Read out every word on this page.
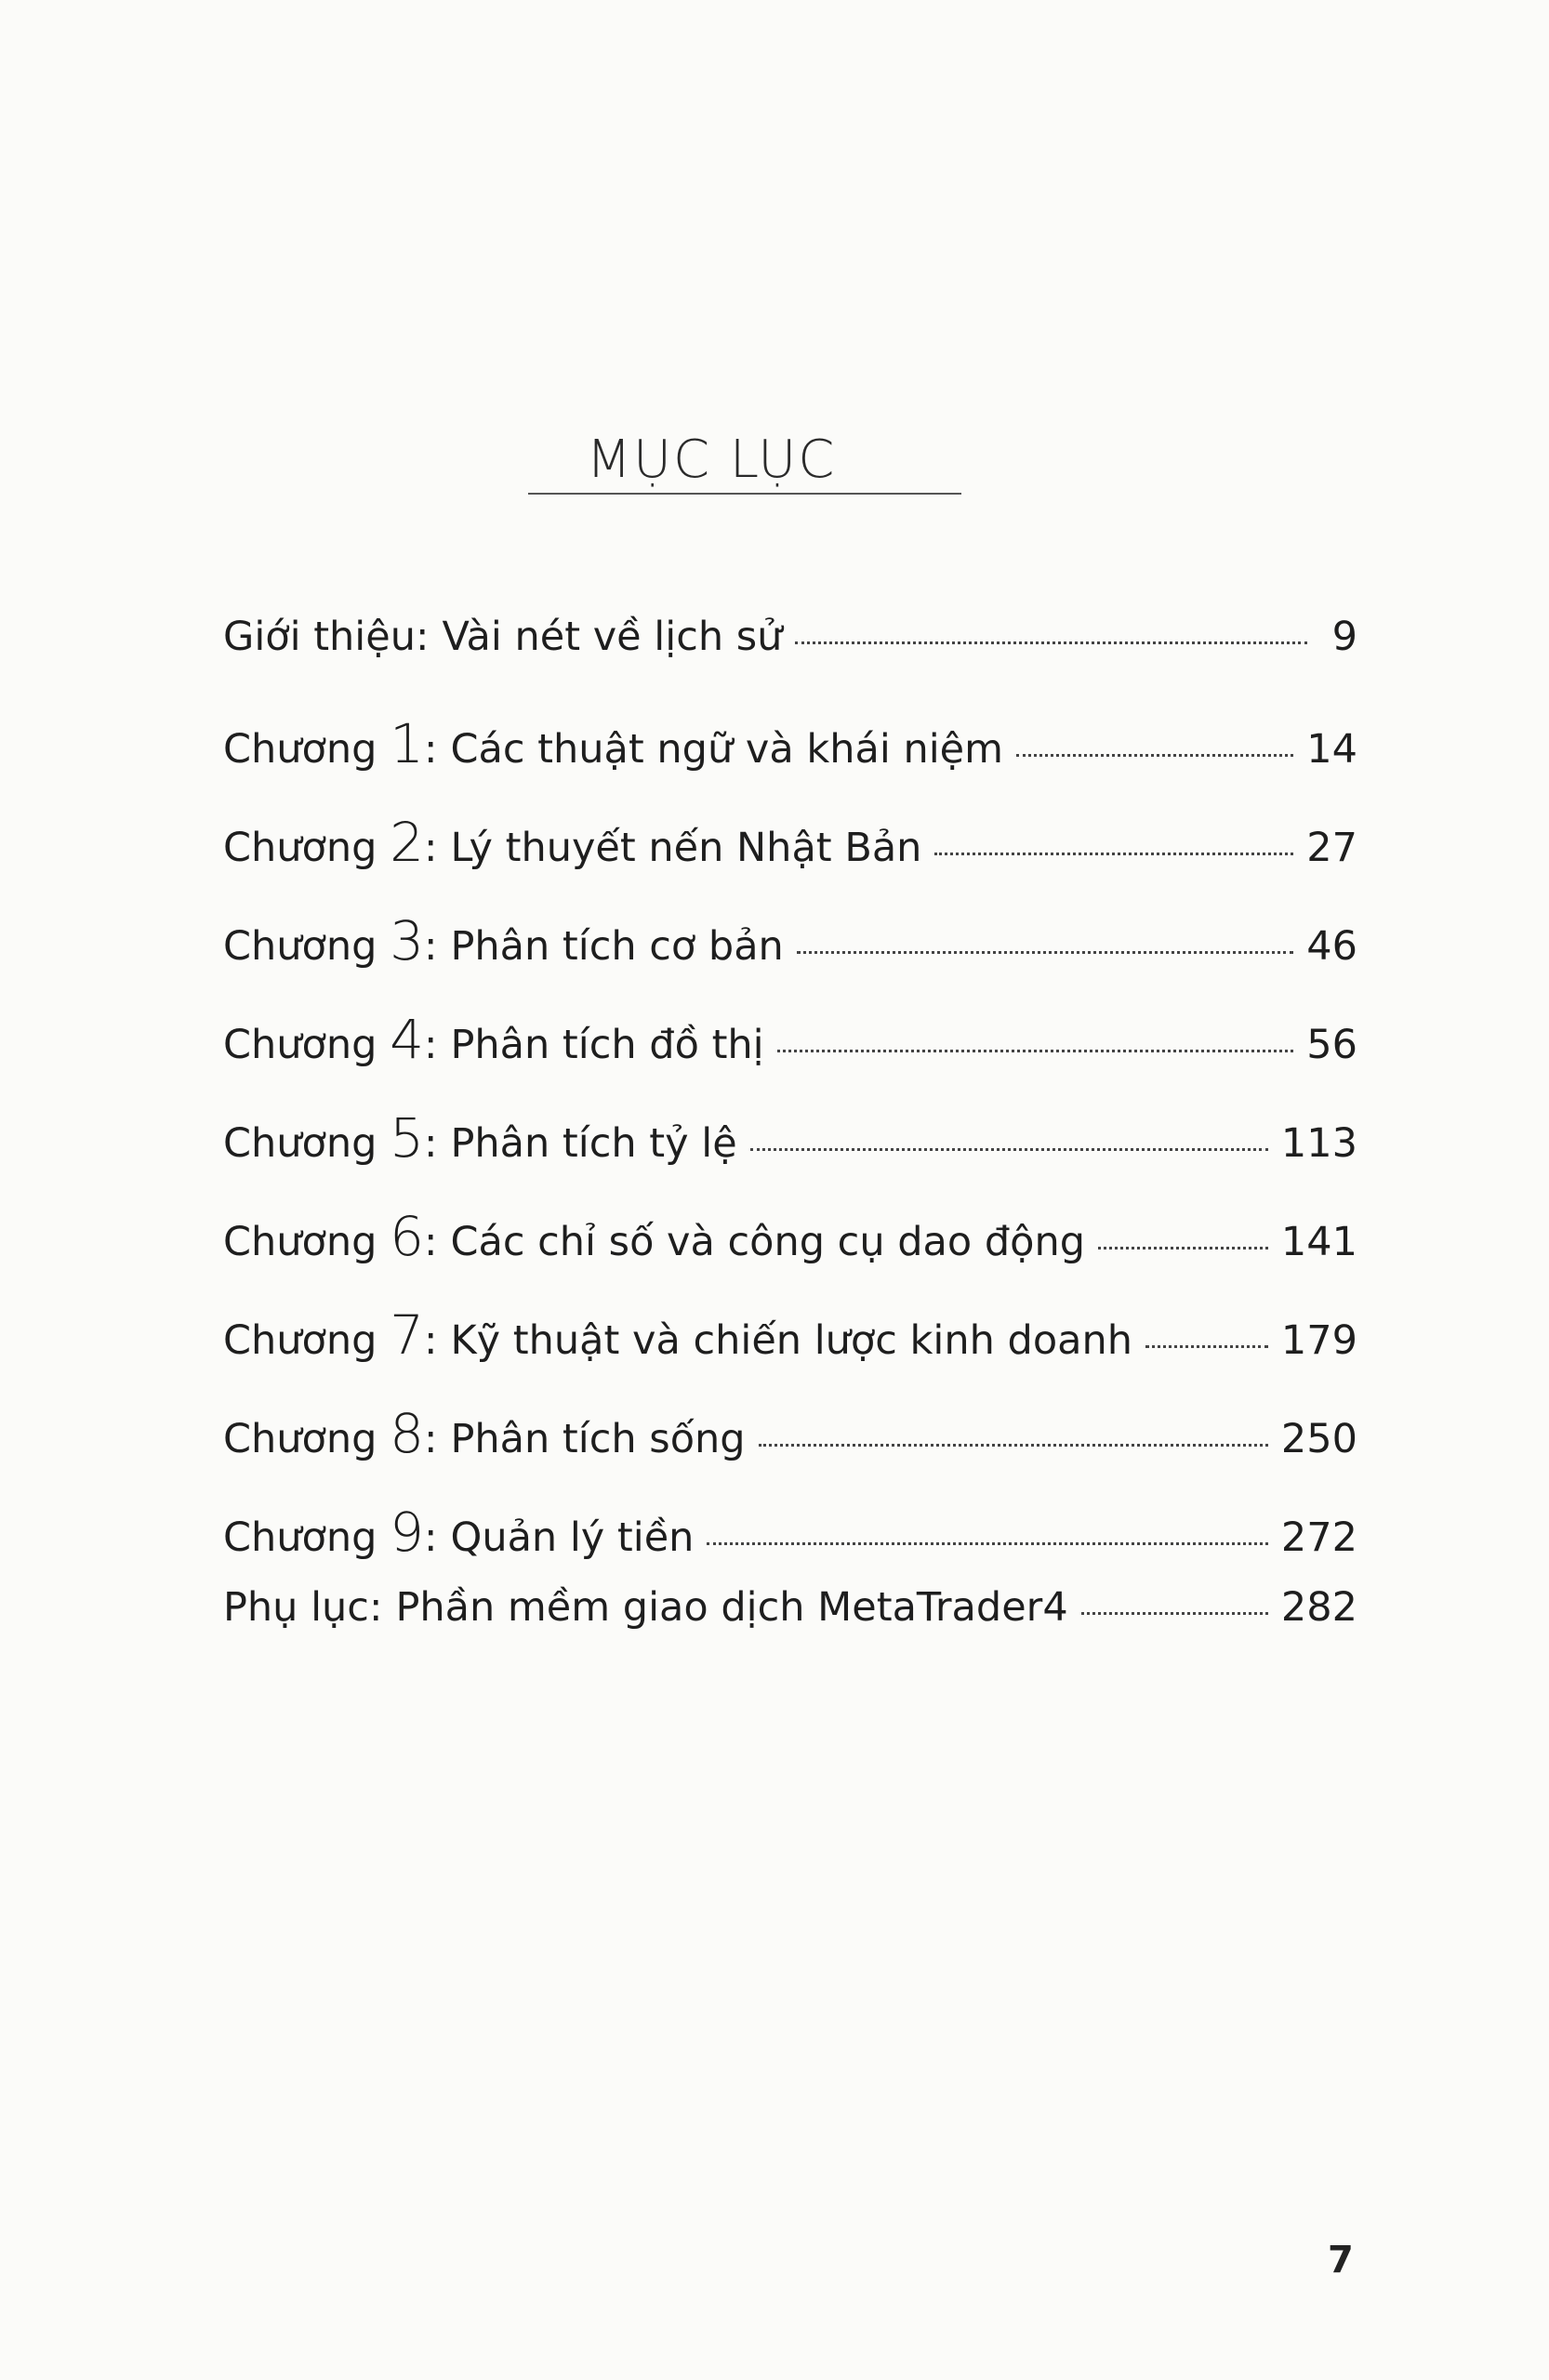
MỤC LỤC
Giới thiệu: Vài nét về lịch sử	9
Chương 1: Các thuật ngữ và khái niệm	14
Chương 2: Lý thuyết nến Nhật Bản	27
Chương 3: Phân tích cơ bản	46
Chương 4: Phân tích đồ thị	56
Chương 5: Phân tích tỷ lệ	113
Chương 6: Các chỉ số và công cụ dao động	141
Chương 7: Kỹ thuật và chiến lược kinh doanh	179
Chương 8: Phân tích sống	250
Chương 9: Quản lý tiền	272
Phụ lục: Phần mềm giao dịch MetaTrader4	282
7
